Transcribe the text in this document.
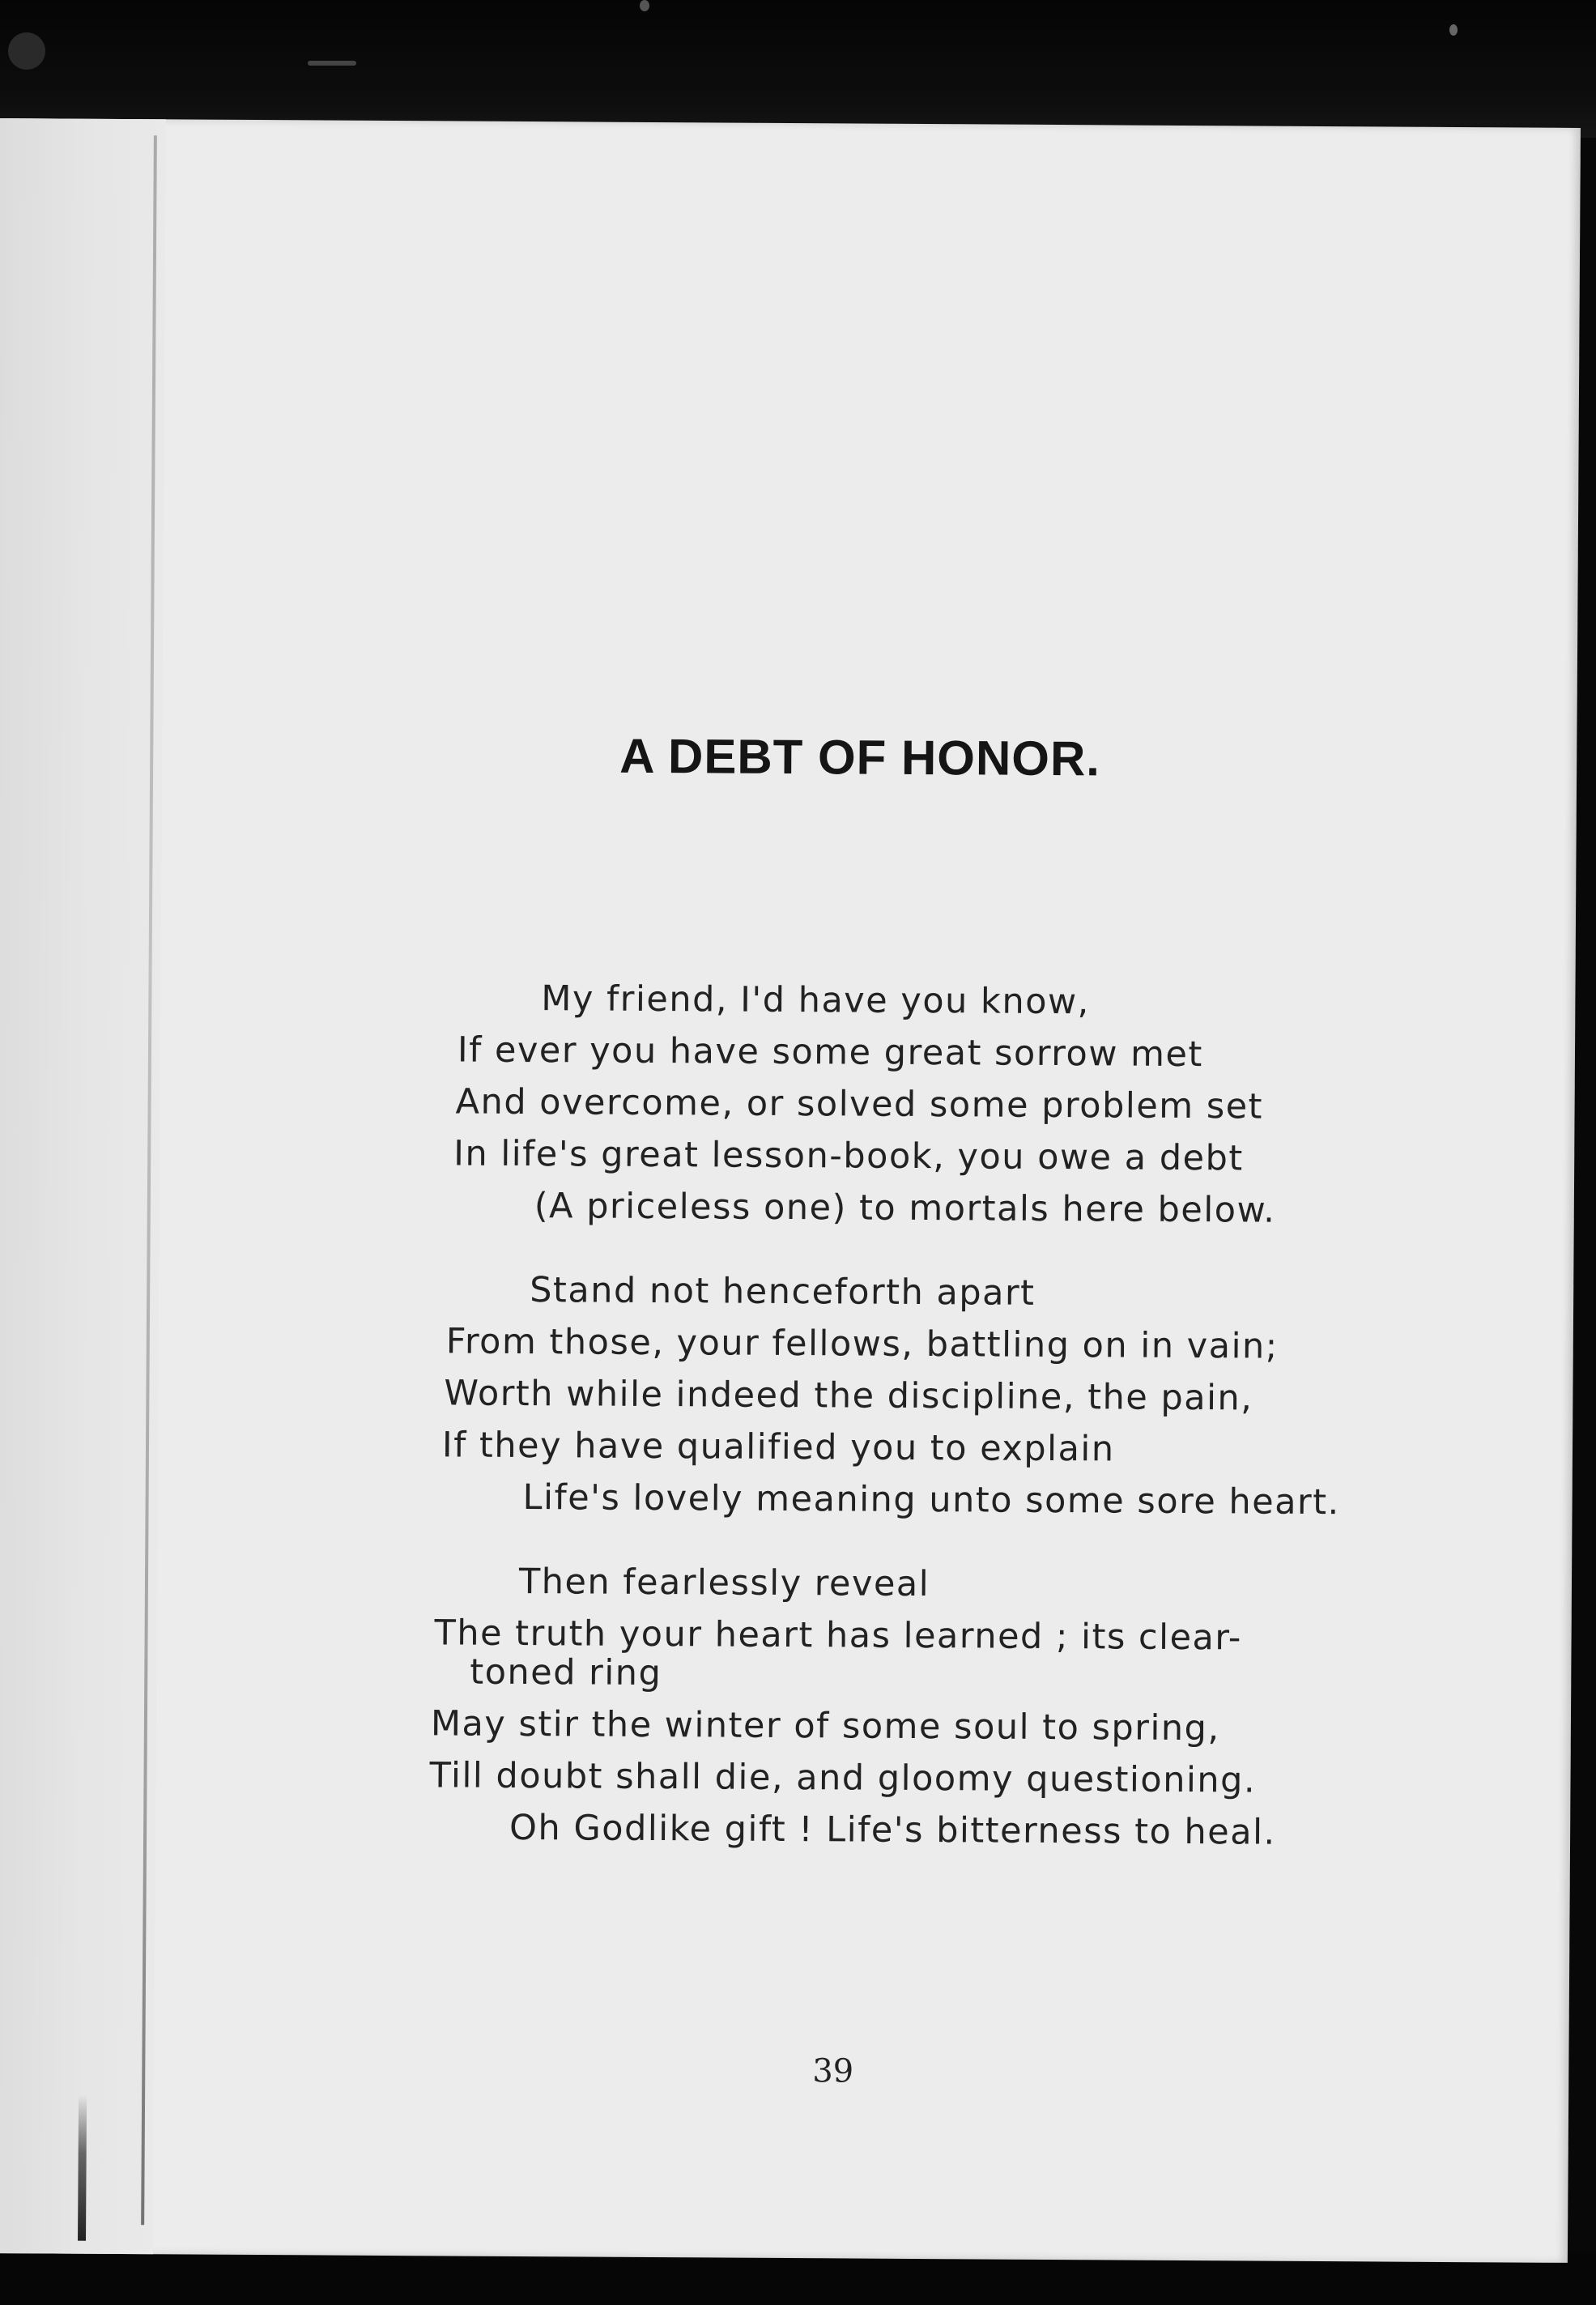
A DEBT OF HONOR.
My friend, I'd have you know,
If ever you have some great sorrow met
And overcome, or solved some problem set
In life's great lesson-book, you owe a debt
(A priceless one) to mortals here below.
Stand not henceforth apart
From those, your fellows, battling on in vain;
Worth while indeed the discipline, the pain,
If they have qualified you to explain
Life's lovely meaning unto some sore heart.
Then fearlessly reveal
The truth your heart has learned ; its clear-
toned ring
May stir the winter of some soul to spring,
Till doubt shall die, and gloomy questioning.
Oh Godlike gift ! Life's bitterness to heal.
39
